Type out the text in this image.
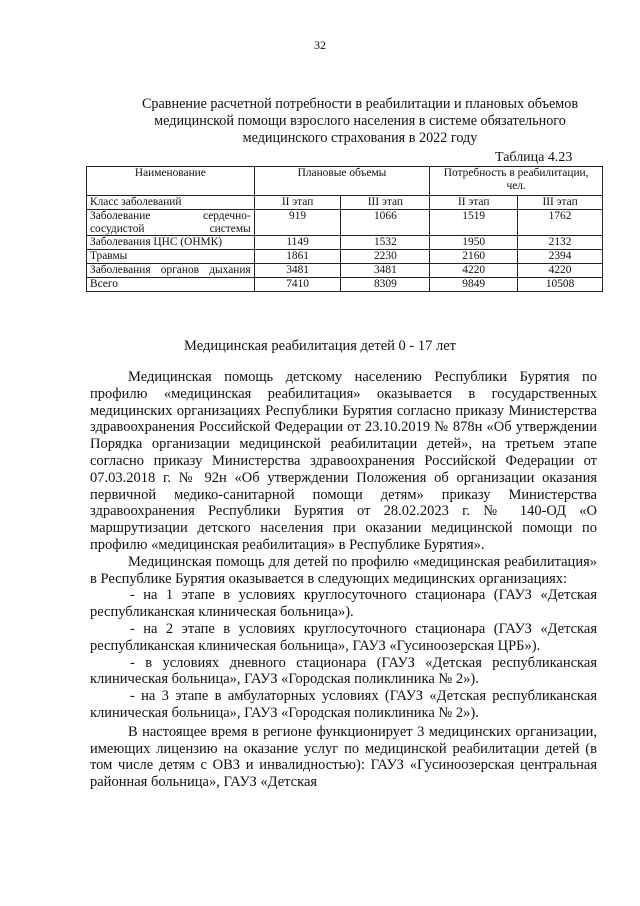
32
Сравнение расчетной потребности в реабилитации и плановых объемов медицинской помощи взрослого населения в системе обязательного медицинского страхования в 2022 году
Таблица 4.23
Наименование	Плановые объемы		Потребность в реабилитации, чел.	
Класс заболеваний	II этап	III этап	II этап	III этап
Заболевание сердечно-сосудистой системы	919	1066	1519	1762
Заболевания ЦНС (ОНМК)	1149	1532	1950	2132
Травмы	1861	2230	2160	2394
Заболевания органов дыхания	3481	3481	4220	4220
Всего	7410	8309	9849	10508
Медицинская реабилитация детей 0 - 17 лет

Медицинская помощь детскому населению Республики Бурятия по профилю «медицинская реабилитация» оказывается в государственных медицинских организациях Республики Бурятия согласно приказу Министерства здравоохранения Российской Федерации от 23.10.2019 № 878н «Об утверждении Порядка организации медицинской реабилитации детей», на третьем этапе согласно приказу Министерства здравоохранения Российской Федерации от 07.03.2018 г. № 92н «Об утверждении Положения об организации оказания первичной медико-санитарной помощи детям» приказу Министерства здравоохранения Республики Бурятия от 28.02.2023 г. № 140-ОД «О маршрутизации детского населения при оказании медицинской помощи по профилю «медицинская реабилитация» в Республике Бурятия».

Медицинская помощь для детей по профилю «медицинская реабилитация» в Республике Бурятия оказывается в следующих медицинских организациях:

- на 1 этапе в условиях круглосуточного стационара (ГАУЗ «Детская республиканская клиническая больница»).

- на 2 этапе в условиях круглосуточного стационара (ГАУЗ «Детская республиканская клиническая больница», ГАУЗ «Гусиноозерская ЦРБ»).

- в условиях дневного стационара (ГАУЗ «Детская республиканская клиническая больница», ГАУЗ «Городская поликлиника № 2»).

- на 3 этапе в амбулаторных условиях (ГАУЗ «Детская республиканская клиническая больница», ГАУЗ «Городская поликлиника № 2»).

В настоящее время в регионе функционирует 3 медицинских организации, имеющих лицензию на оказание услуг по медицинской реабилитации детей (в том числе детям с ОВЗ и инвалидностью): ГАУЗ «Гусиноозерская центральная районная больница», ГАУЗ «Детская
